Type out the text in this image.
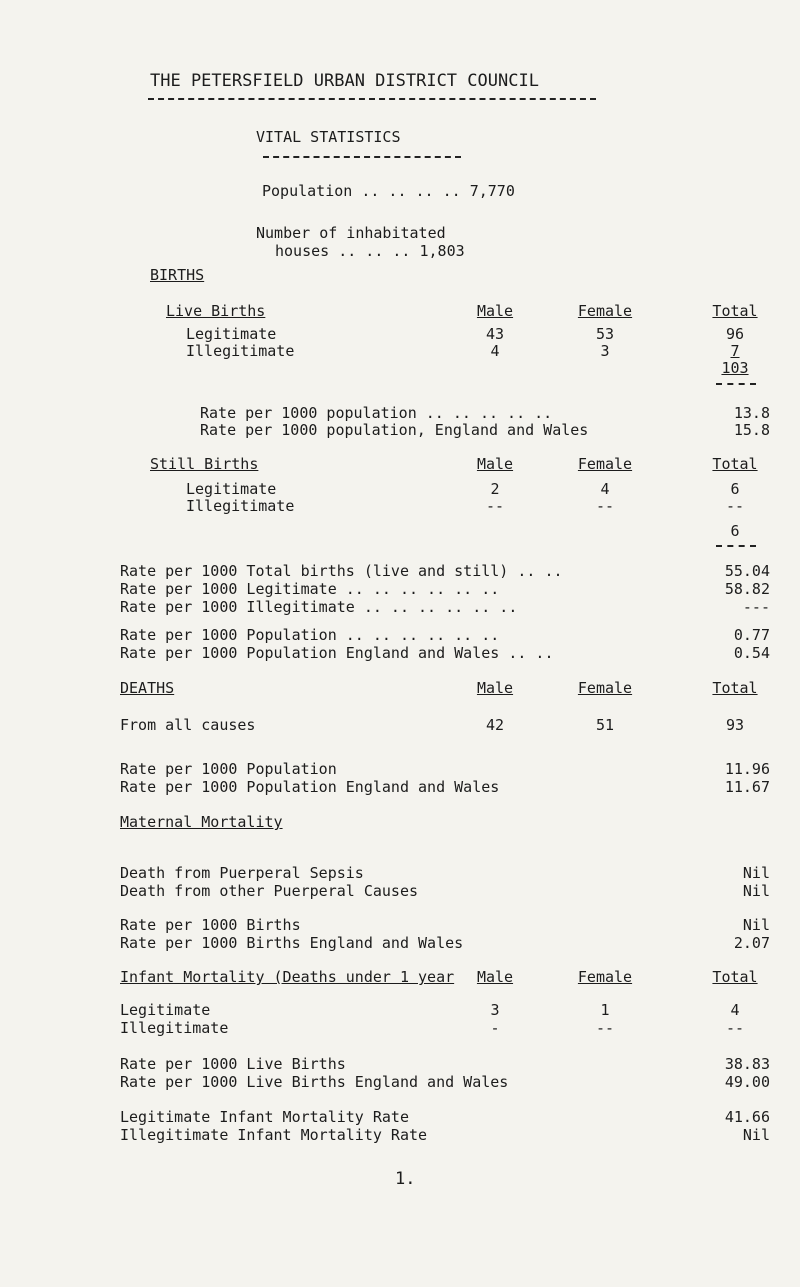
THE PETERSFIELD URBAN DISTRICT COUNCIL
VITAL STATISTICS
Population .. .. .. .. 7,770
Number of inhabitated
houses .. .. .. 1,803
BIRTHS
Live Births	Male	Female	Total
Legitimate	43	53	96
Illegitimate	4	3	7
103
Rate per 1000 population .. .. .. .. ..	13.8
Rate per 1000 population, England and Wales	15.8
Still Births	Male	Female	Total
Legitimate	2	4	6
Illegitimate	--	--	--
6
Rate per 1000 Total births (live and still) .. ..	55.04
Rate per 1000 Legitimate .. .. .. .. .. ..	58.82
Rate per 1000 Illegitimate .. .. .. .. .. ..	---
Rate per 1000 Population .. .. .. .. .. ..	0.77
Rate per 1000 Population England and Wales .. ..	0.54
DEATHS	Male	Female	Total
From all causes	42	51	93
Rate per 1000 Population	11.96
Rate per 1000 Population England and Wales	11.67
Maternal Mortality
Death from Puerperal Sepsis	Nil
Death from other Puerperal Causes	Nil
Rate per 1000 Births	Nil
Rate per 1000 Births England and Wales	2.07
Infant Mortality (Deaths under 1 year	Male	Female	Total
Legitimate	3	1	4
Illegitimate	-	--	--
Rate per 1000 Live Births	38.83
Rate per 1000 Live Births England and Wales	49.00
Legitimate Infant Mortality Rate	41.66
Illegitimate Infant Mortality Rate	Nil
1.
